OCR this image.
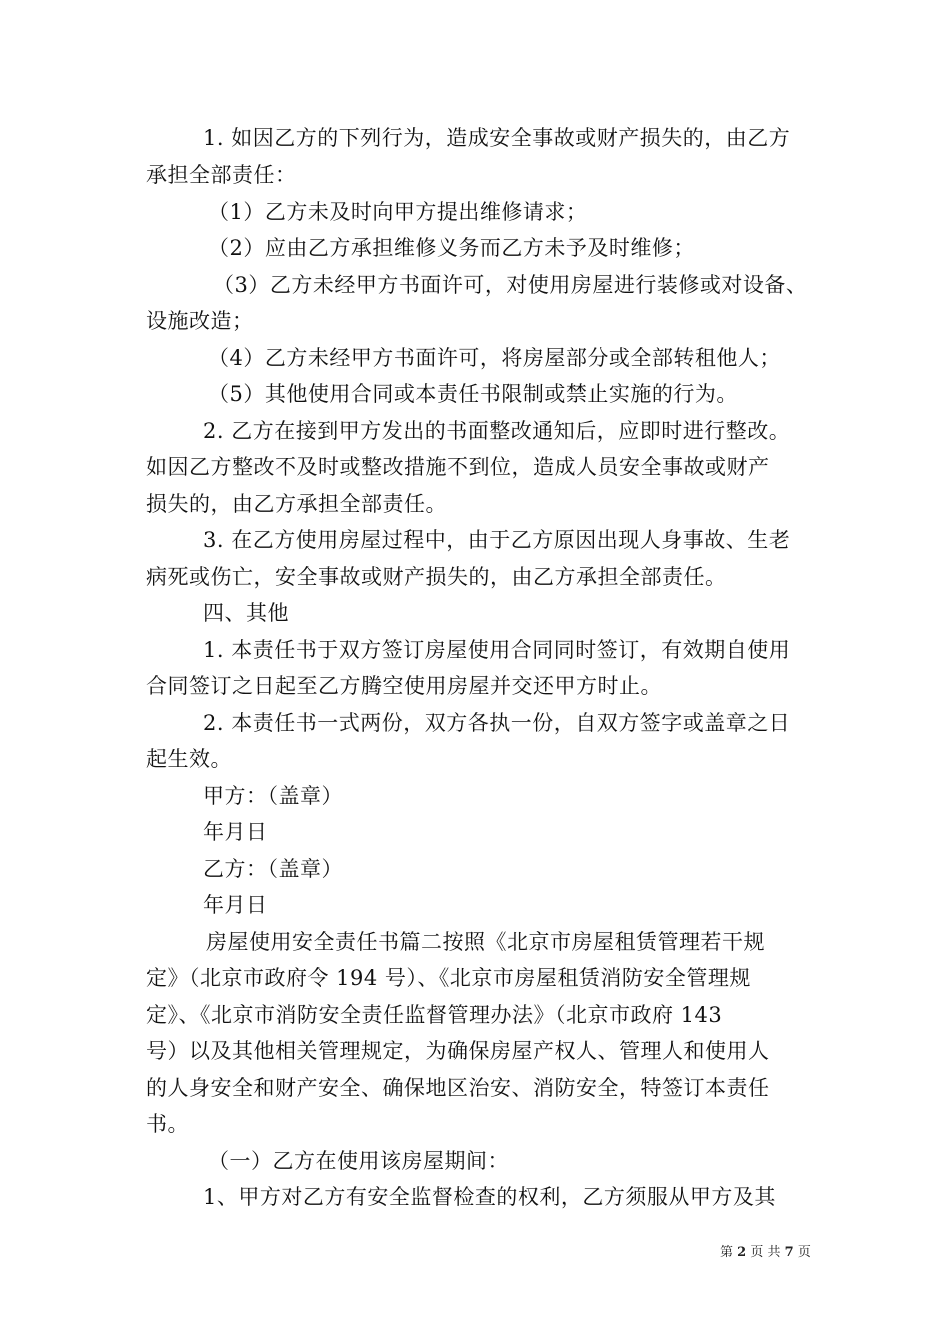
1. 如因乙方的下列行为，造成安全事故或财产损失的，由乙方
承担全部责任：
（1）乙方未及时向甲方提出维修请求；
（2）应由乙方承担维修义务而乙方未予及时维修；
（3）乙方未经甲方书面许可，对使用房屋进行装修或对设备、
设施改造；
（4）乙方未经甲方书面许可，将房屋部分或全部转租他人；
（5）其他使用合同或本责任书限制或禁止实施的行为。
2. 乙方在接到甲方发出的书面整改通知后，应即时进行整改。
如因乙方整改不及时或整改措施不到位，造成人员安全事故或财产
损失的，由乙方承担全部责任。
3. 在乙方使用房屋过程中，由于乙方原因出现人身事故、生老
病死或伤亡，安全事故或财产损失的，由乙方承担全部责任。
四、其他
1. 本责任书于双方签订房屋使用合同同时签订，有效期自使用
合同签订之日起至乙方腾空使用房屋并交还甲方时止。
2. 本责任书一式两份，双方各执一份，自双方签字或盖章之日
起生效。
甲方：（盖章）
年月日
乙方：（盖章）
年月日
房屋使用安全责任书篇二按照《北京市房屋租赁管理若干规
定》（北京市政府令 194 号）、《北京市房屋租赁消防安全管理规
定》、《北京市消防安全责任监督管理办法》（北京市政府 143
号）以及其他相关管理规定，为确保房屋产权人、管理人和使用人
的人身安全和财产安全、确保地区治安、消防安全，特签订本责任
书。
（一）乙方在使用该房屋期间：
1、甲方对乙方有安全监督检查的权利，乙方须服从甲方及其
第 2 页 共 7 页
